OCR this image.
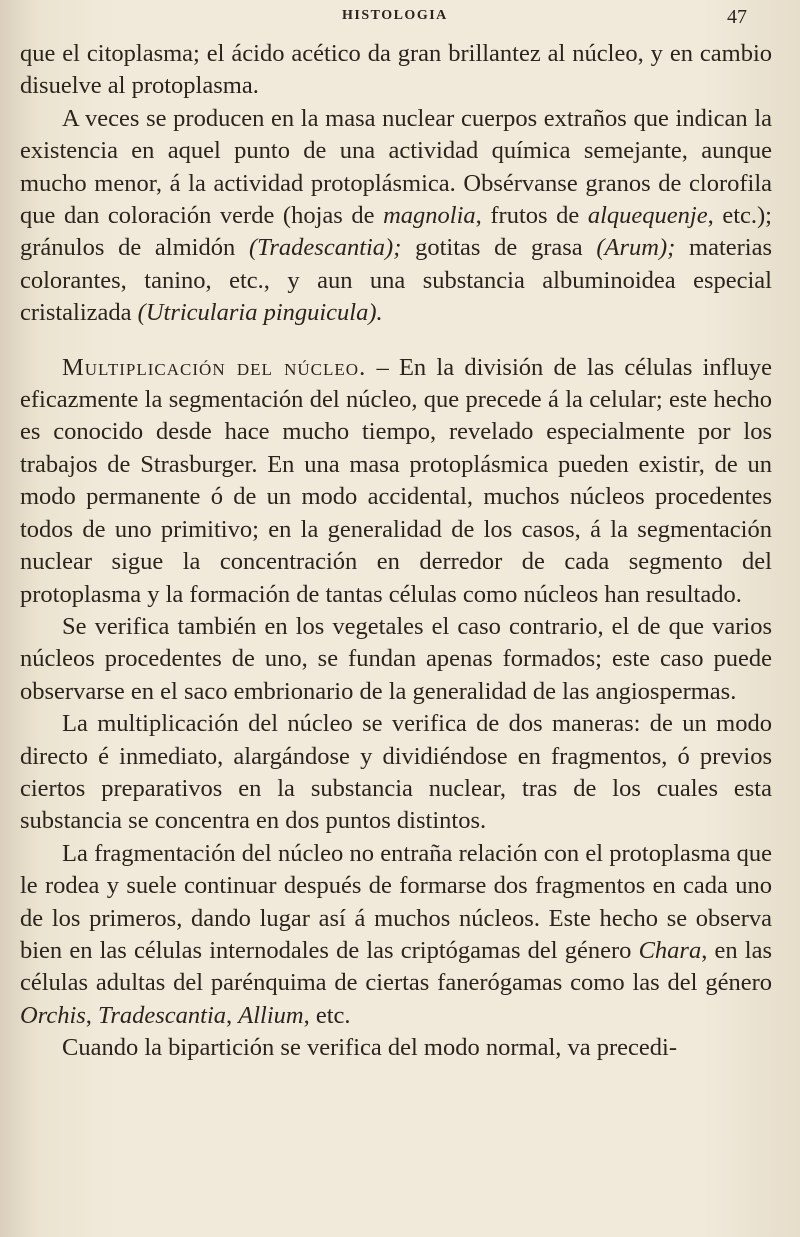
HISTOLOGIA	47

que el citoplasma; el ácido acético da gran brillantez al núcleo, y en cambio disuelve al protoplasma.

A veces se producen en la masa nuclear cuerpos extraños que indican la existencia en aquel punto de una actividad química semejante, aunque mucho menor, á la actividad protoplásmica. Obsérvanse granos de clorofila que dan coloración verde (hojas de magnolia, frutos de alquequenje, etc.); gránulos de almidón (Tradescantia); gotitas de grasa (Arum); materias colorantes, tanino, etc., y aun una substancia albuminoidea especial cristalizada (Utricularia pinguicula).

Multiplicación del núcleo. – En la división de las células influye eficazmente la segmentación del núcleo, que precede á la celular; este hecho es conocido desde hace mucho tiempo, revelado especialmente por los trabajos de Strasburger. En una masa protoplásmica pueden existir, de un modo permanente ó de un modo accidental, muchos núcleos procedentes todos de uno primitivo; en la generalidad de los casos, á la segmentación nuclear sigue la concentración en derredor de cada segmento del protoplasma y la formación de tantas células como núcleos han resultado.

Se verifica también en los vegetales el caso contrario, el de que varios núcleos procedentes de uno, se fundan apenas formados; este caso puede observarse en el saco embrionario de la generalidad de las angiospermas.

La multiplicación del núcleo se verifica de dos maneras: de un modo directo é inmediato, alargándose y dividiéndose en fragmentos, ó previos ciertos preparativos en la substancia nuclear, tras de los cuales esta substancia se concentra en dos puntos distintos.

La fragmentación del núcleo no entraña relación con el protoplasma que le rodea y suele continuar después de formarse dos fragmentos en cada uno de los primeros, dando lugar así á muchos núcleos. Este hecho se observa bien en las células internodales de las criptógamas del género Chara, en las células adultas del parénquima de ciertas fanerógamas como las del género Orchis, Tradescantia, Allium, etc.

Cuando la bipartición se verifica del modo normal, va precedi-
